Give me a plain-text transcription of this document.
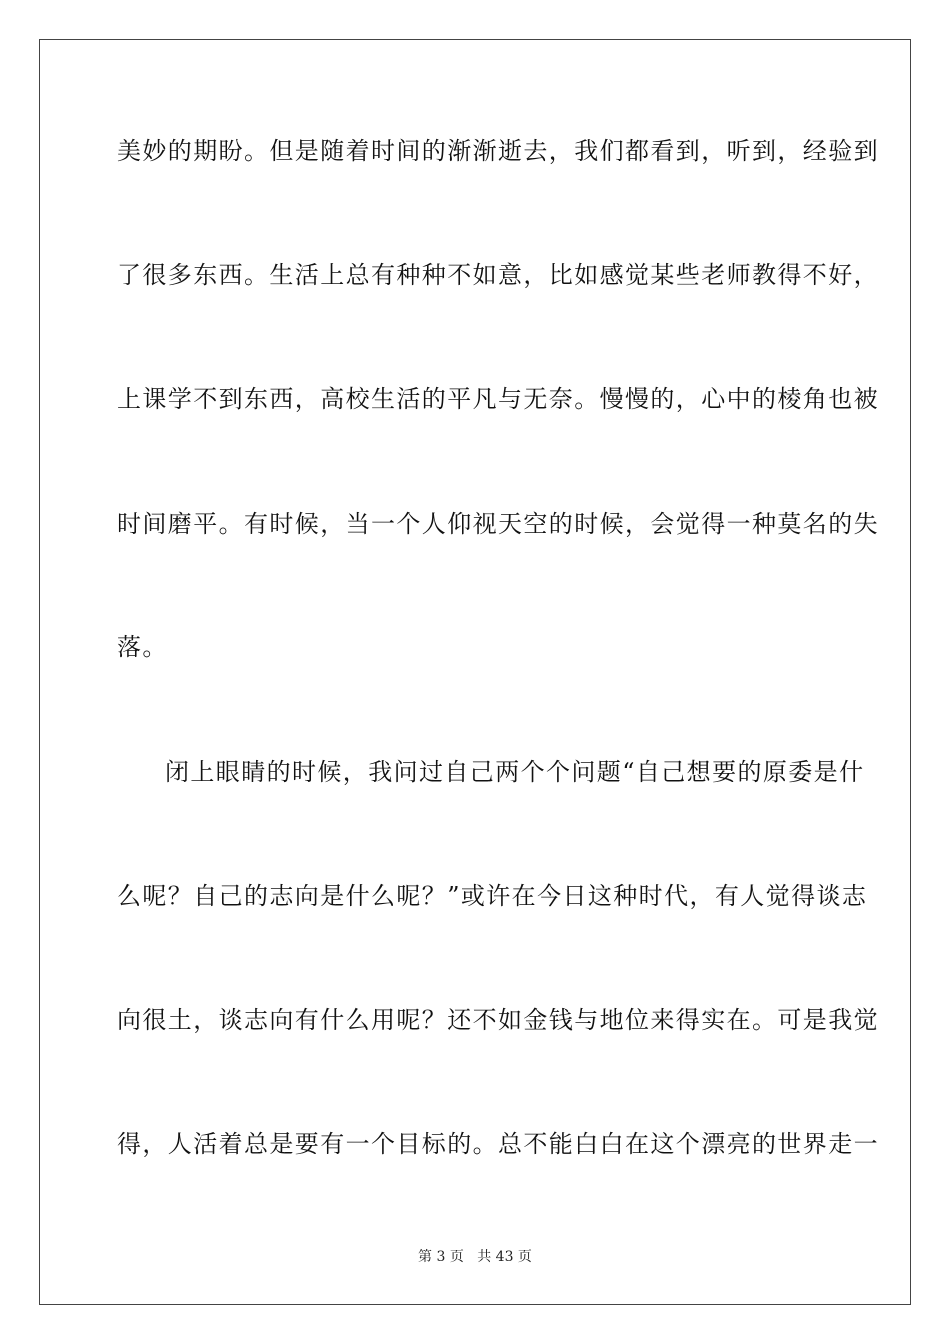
美妙的期盼。但是随着时间的渐渐逝去，我们都看到，听到，经验到
了很多东西。生活上总有种种不如意，比如感觉某些老师教得不好，
上课学不到东西，高校生活的平凡与无奈。慢慢的，心中的棱角也被
时间磨平。有时候，当一个人仰视天空的时候，会觉得一种莫名的失
落。
闭上眼睛的时候，我问过自己两个个问题“自己想要的原委是什
么呢？自己的志向是什么呢？”或许在今日这种时代，有人觉得谈志
向很土，谈志向有什么用呢？还不如金钱与地位来得实在。可是我觉
得，人活着总是要有一个目标的。总不能白白在这个漂亮的世界走一
第 3 页 共 43 页
